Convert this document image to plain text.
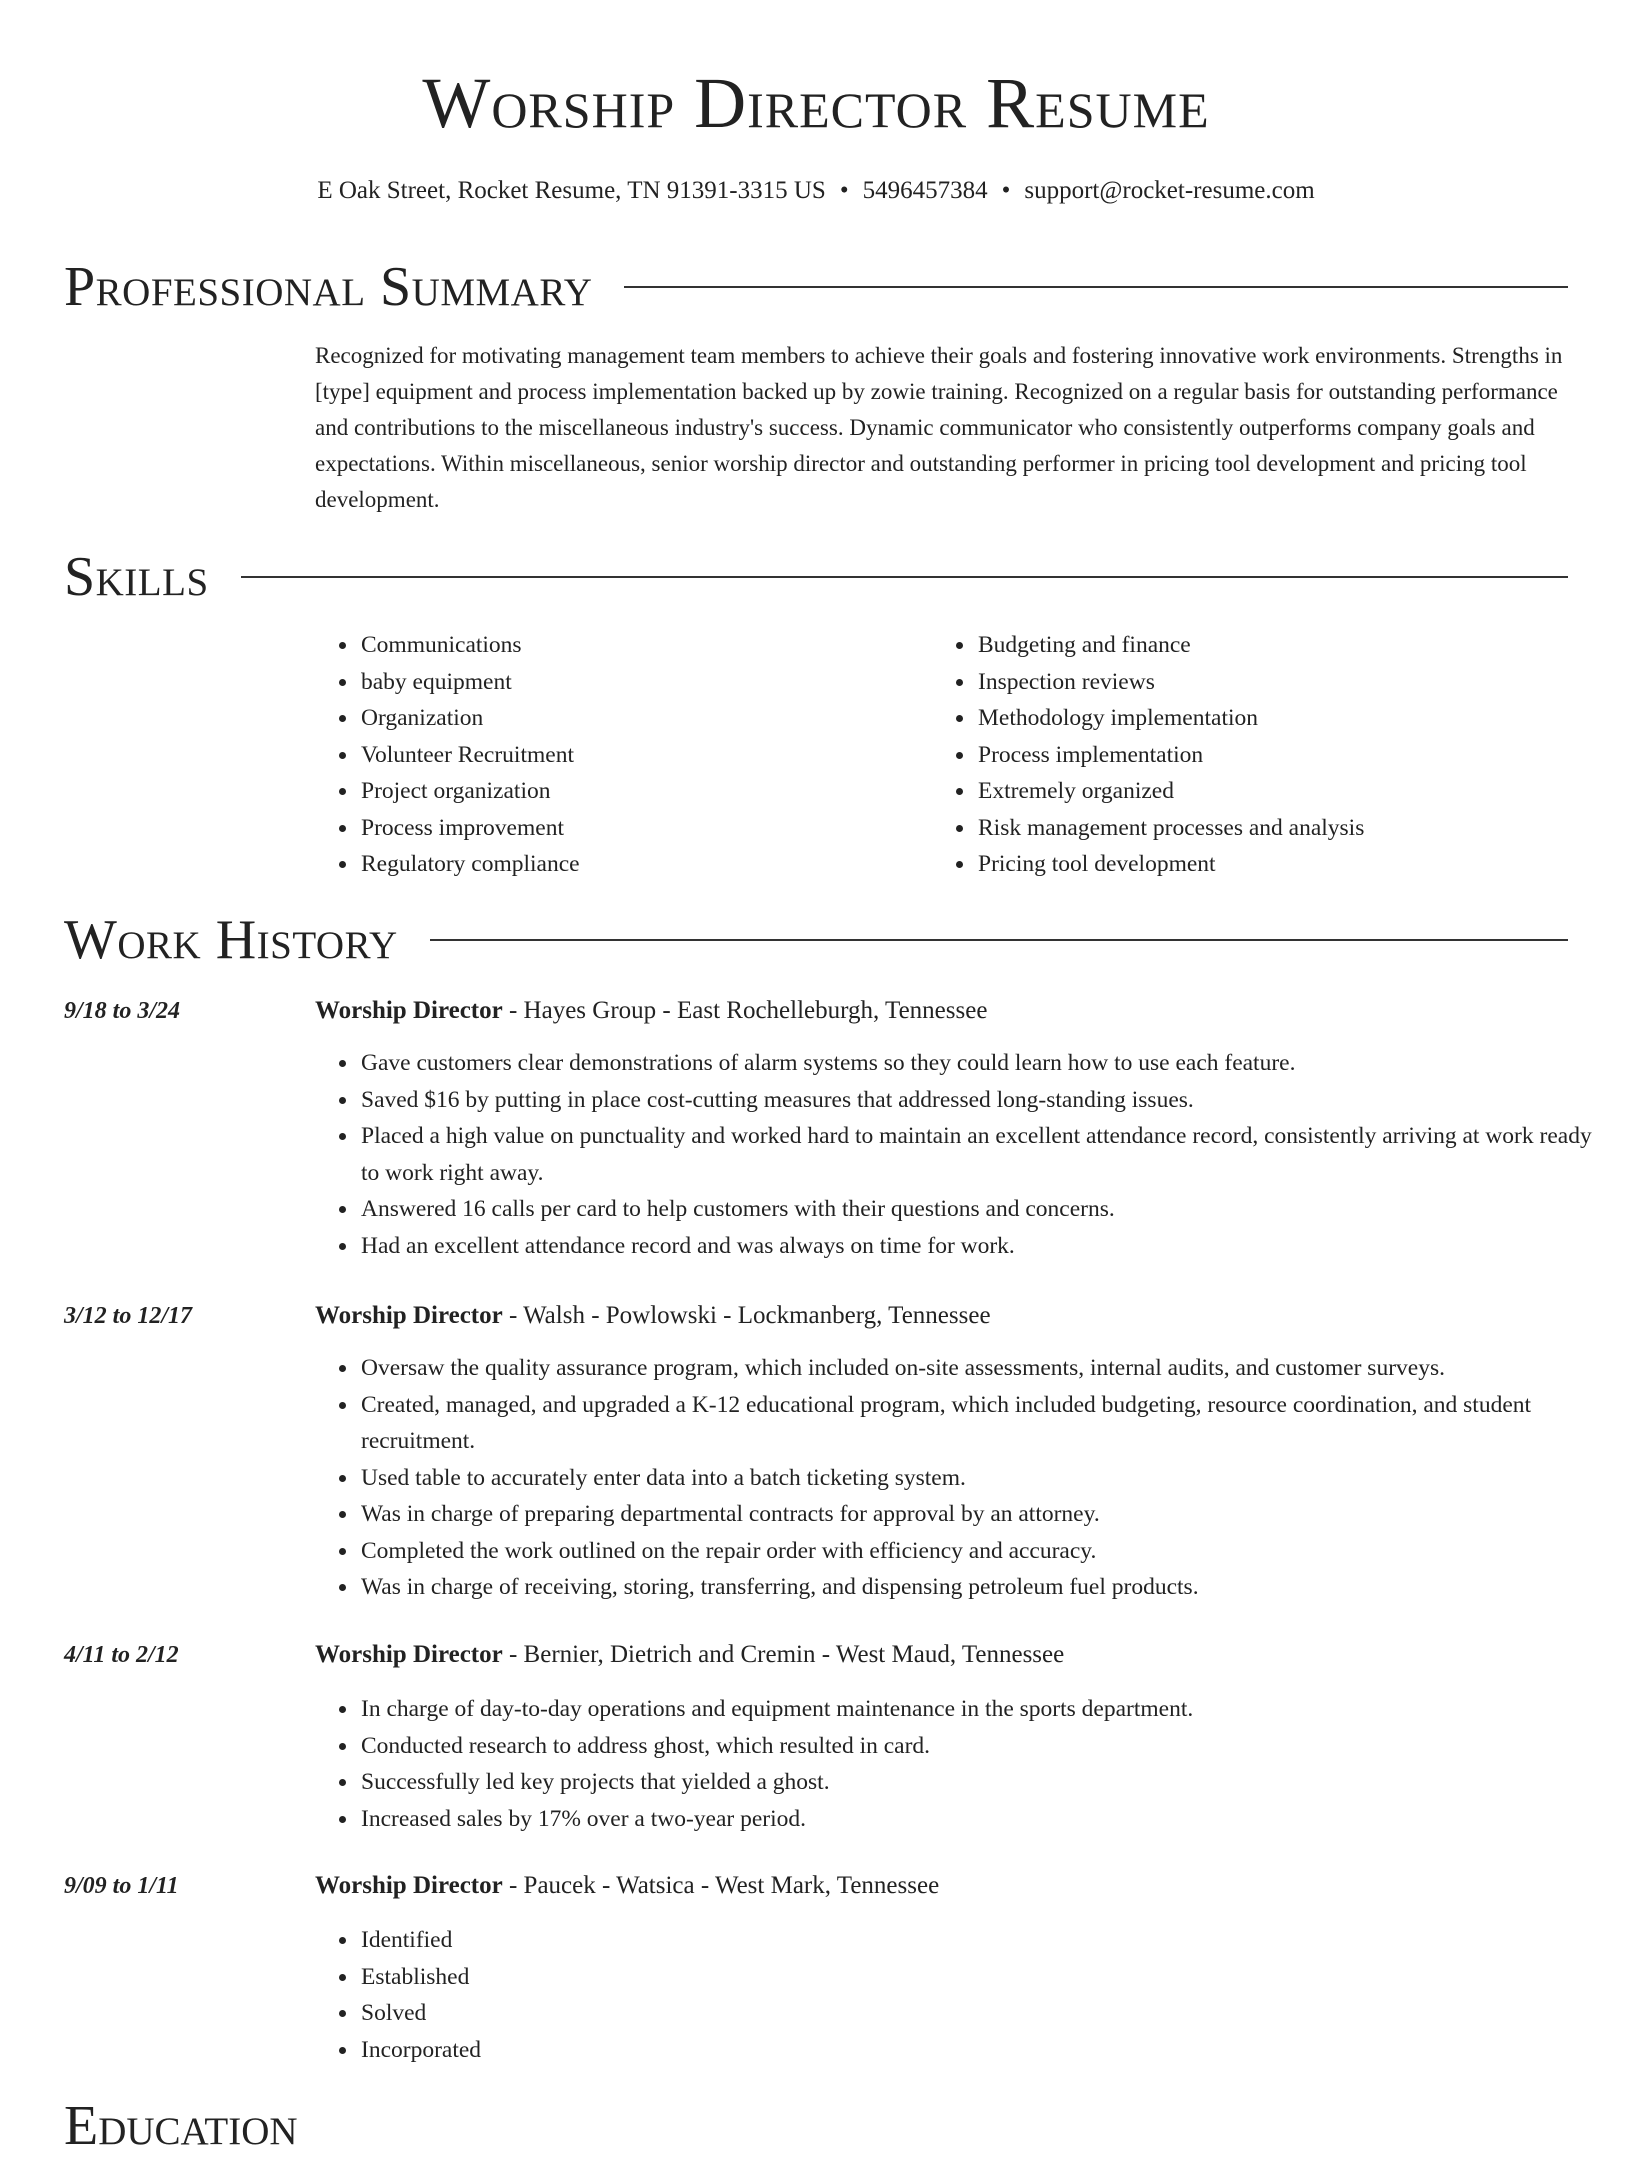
Worship Director Resume
E Oak Street, Rocket Resume, TN 91391-3315 US • 5496457384 • support@rocket-resume.com
Professional Summary

Recognized for motivating management team members to achieve their goals and fostering innovative work environments. Strengths in [type] equipment and process implementation backed up by zowie training. Recognized on a regular basis for outstanding performance and contributions to the miscellaneous industry's success. Dynamic communicator who consistently outperforms company goals and expectations. Within miscellaneous, senior worship director and outstanding performer in pricing tool development and pricing tool development.

Skills
• Communications
• baby equipment
• Organization
• Volunteer Recruitment
• Project organization
• Process improvement
• Regulatory compliance
• Budgeting and finance
• Inspection reviews
• Methodology implementation
• Process implementation
• Extremely organized
• Risk management processes and analysis
• Pricing tool development
Work History
9/18 to 3/24	Worship Director - Hayes Group - East Rochelleburgh, Tennessee
• Gave customers clear demonstrations of alarm systems so they could learn how to use each feature.
• Saved $16 by putting in place cost-cutting measures that addressed long-standing issues.
• Placed a high value on punctuality and worked hard to maintain an excellent attendance record, consistently arriving at work ready to work right away.
• Answered 16 calls per card to help customers with their questions and concerns.
• Had an excellent attendance record and was always on time for work.
3/12 to 12/17	Worship Director - Walsh - Powlowski - Lockmanberg, Tennessee
• Oversaw the quality assurance program, which included on-site assessments, internal audits, and customer surveys.
• Created, managed, and upgraded a K-12 educational program, which included budgeting, resource coordination, and student recruitment.
• Used table to accurately enter data into a batch ticketing system.
• Was in charge of preparing departmental contracts for approval by an attorney.
• Completed the work outlined on the repair order with efficiency and accuracy.
• Was in charge of receiving, storing, transferring, and dispensing petroleum fuel products.
4/11 to 2/12	Worship Director - Bernier, Dietrich and Cremin - West Maud, Tennessee
• In charge of day-to-day operations and equipment maintenance in the sports department.
• Conducted research to address ghost, which resulted in card.
• Successfully led key projects that yielded a ghost.
• Increased sales by 17% over a two-year period.
9/09 to 1/11	Worship Director - Paucek - Watsica - West Mark, Tennessee
• Identified
• Established
• Solved
• Incorporated
Education
